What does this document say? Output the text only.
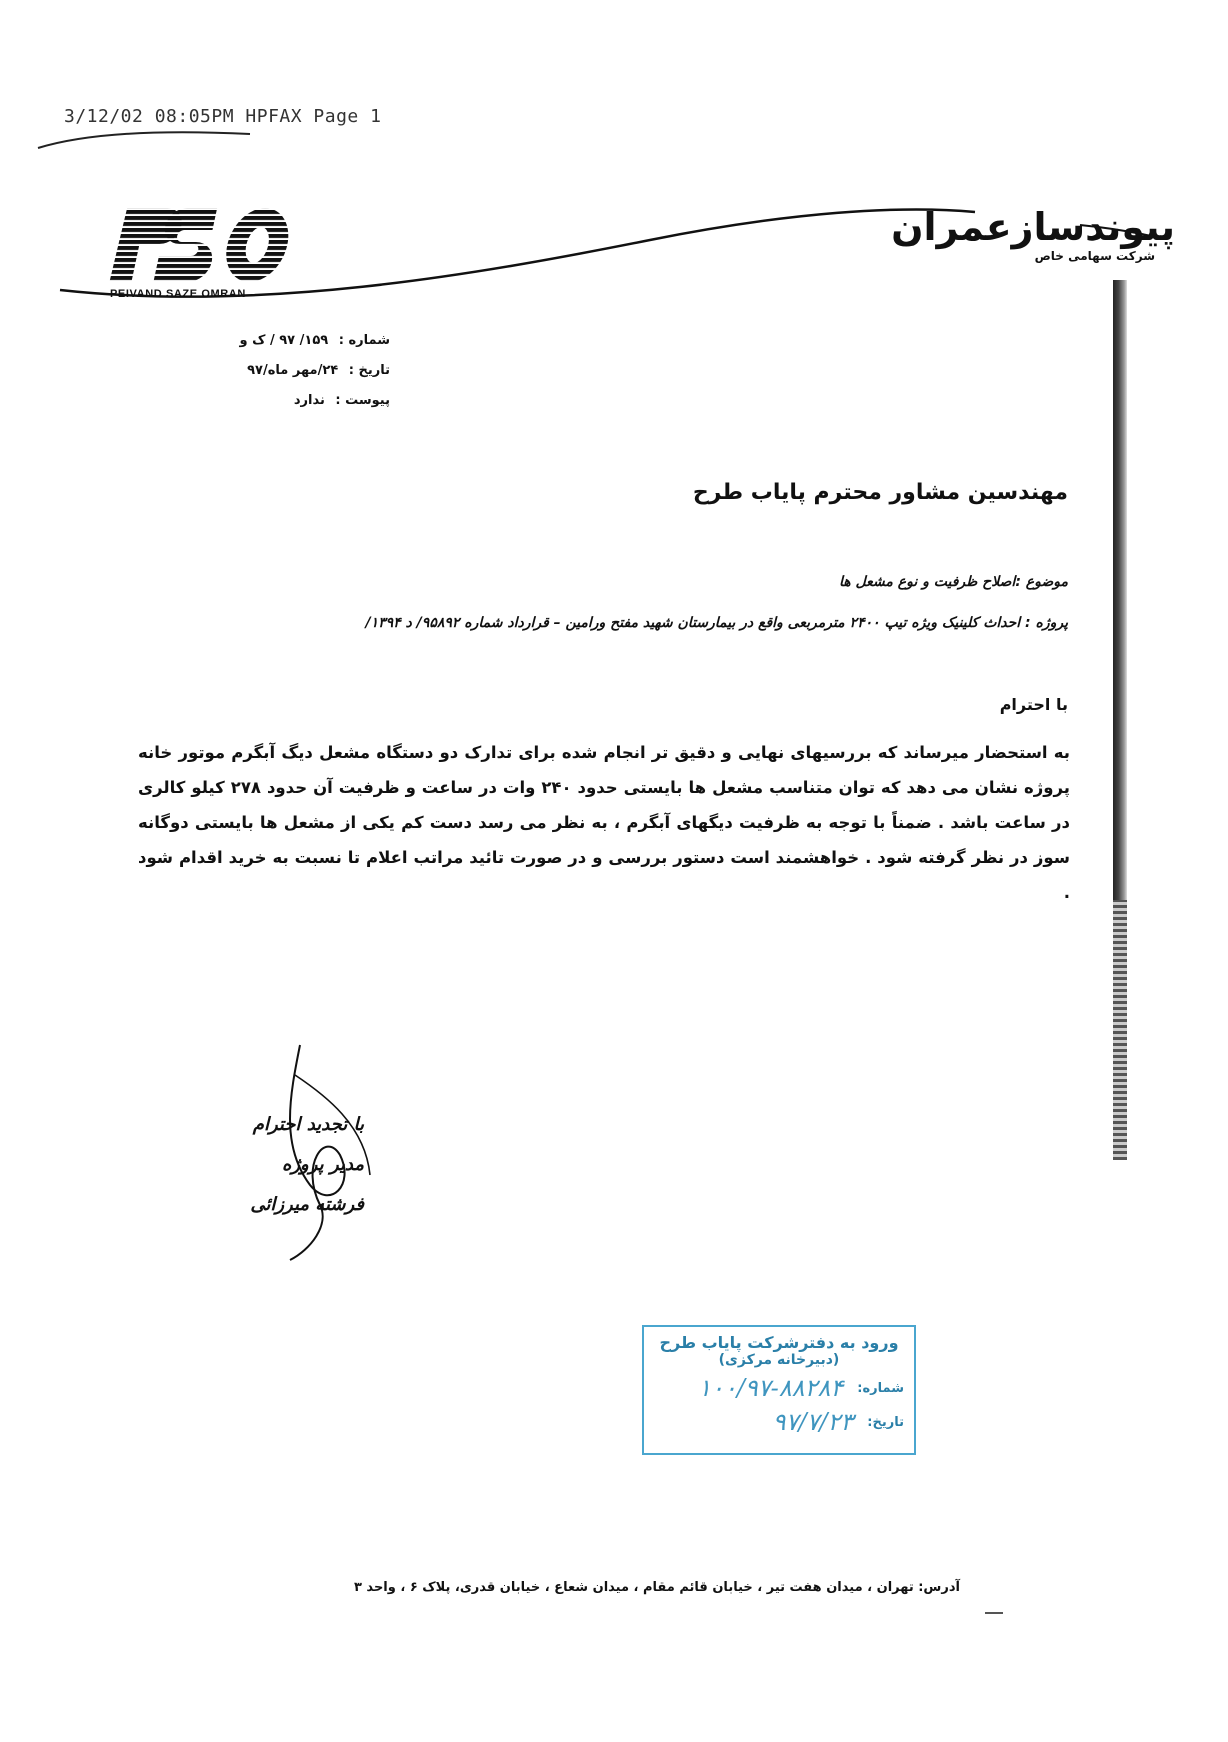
3/12/02 08:05PM HPFAX Page 1
PEIVAND SAZE OMRAN
پیوندسازعمران
شرکت سهامی خاص
شماره : ۱۵۹/ ۹۷ / ک و
تاریخ : ۲۴/مهر ماه/۹۷
پیوست : ندارد
مهندسین مشاور محترم پایاب طرح
موضوع :اصلاح ظرفیت و نوع مشعل ها
پروژه : احداث کلینیک ویژه تیپ ۲۴۰۰ مترمربعی واقع در بیمارستان شهید مفتح ورامین – قرارداد شماره ۹۵۸۹۲/ د ۱۳۹۴/
با احترام
به استحضار میرساند که بررسیهای نهایی و دقیق تر انجام شده برای تدارک دو دستگاه مشعل دیگ آبگرم موتور خانه پروژه نشان می دهد که توان متناسب مشعل ها بایستی حدود ۲۴۰ وات در ساعت و ظرفیت آن حدود ۲۷۸ کیلو کالری در ساعت باشد . ضمناً با توجه به ظرفیت دیگهای آبگرم ، به نظر می رسد دست کم یکی از مشعل ها بایستی دوگانه سوز در نظر گرفته شود . خواهشمند است دستور بررسی و در صورت تائید مراتب اعلام تا نسبت به خرید اقدام شود .
با تجدید احترام
مدیر پروژه
فرشته میرزائی
ورود به دفترشرکت پایاب طرح
(دبیرخانه مرکزی)
شماره:
۱۰۰/۹۷-۸۸۲۸۴
تاریخ:
۹۷/۷/۲۳
آدرس: تهران ، میدان هفت تیر ، خیابان قائم مقام ، میدان شعاع ، خیابان قدری، پلاک ۶ ، واحد ۳
